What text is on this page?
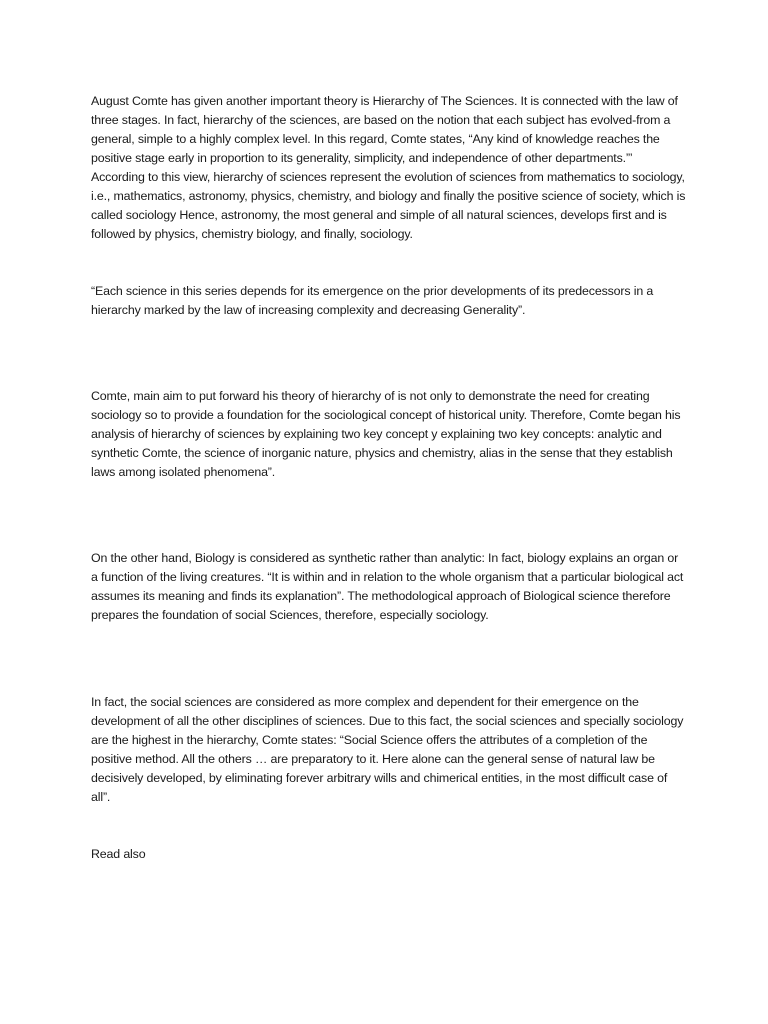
August Comte has given another important theory is Hierarchy of The Sciences. It is connected with the law of three stages. In fact, hierarchy of the sciences, are based on the notion that each subject has evolved-from a general, simple to a highly complex level. In this regard, Comte states, “Any kind of knowledge reaches the positive stage early in proportion to its generality, simplicity, and independence of other departments.”’ According to this view, hierarchy of sciences represent the evolution of sciences from mathematics to sociology, i.e., mathematics, astronomy, physics, chemistry, and biology and finally the positive science of society, which is called sociology Hence, astronomy, the most general and simple of all natural sciences, develops first and is followed by physics, chemistry biology, and finally, sociology.

“Each science in this series depends for its emergence on the prior developments of its predecessors in a hierarchy marked by the law of increasing complexity and decreasing Generality”.

Comte, main aim to put forward his theory of hierarchy of is not only to demonstrate the need for creating sociology so to provide a foundation for the sociological concept of historical unity. Therefore, Comte began his analysis of hierarchy of sciences by explaining two key concept y explaining two key concepts: analytic and synthetic Comte, the science of inorganic nature, physics and chemistry, alias in the sense that they establish laws among isolated phenomena”.

On the other hand, Biology is considered as synthetic rather than analytic: In fact, biology explains an organ or a function of the living creatures. “It is within and in relation to the whole organism that a particular biological act assumes its meaning and finds its explanation”. The methodological approach of Biological science therefore prepares the foundation of social Sciences, therefore, especially sociology.

In fact, the social sciences are considered as more complex and dependent for their emergence on the development of all the other disciplines of sciences. Due to this fact, the social sciences and specially sociology are the highest in the hierarchy, Comte states: “Social Science offers the attributes of a completion of the positive method. All the others … are preparatory to it. Here alone can the general sense of natural law be decisively developed, by eliminating forever arbitrary wills and chimerical entities, in the most difficult case of all”.

Read also
